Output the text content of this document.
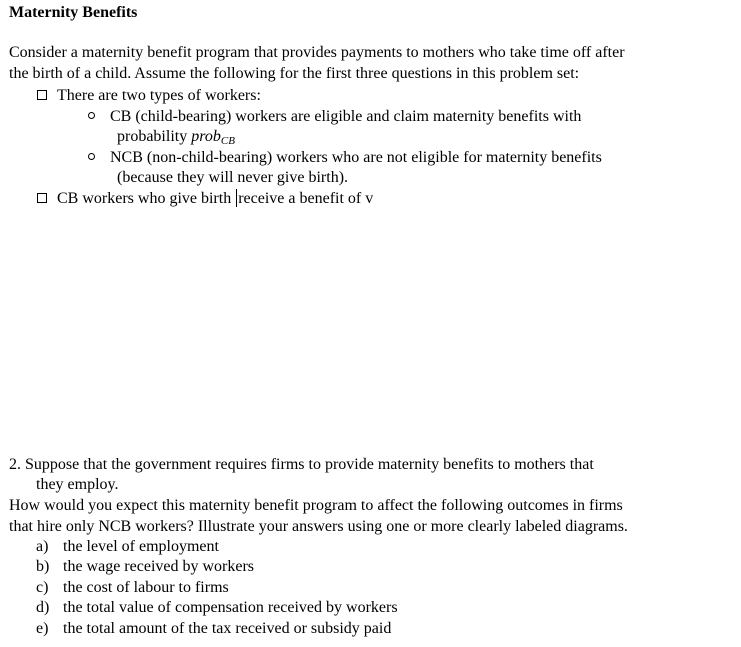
Maternity Benefits
Consider a maternity benefit program that provides payments to mothers who take time off after
the birth of a child. Assume the following for the first three questions in this problem set:
There are two types of workers:
CB (child-bearing) workers are eligible and claim maternity benefits with
probability prob$_{CB}$
NCB (non-child-bearing) workers who are not eligible for maternity benefits
(because they will never give birth).
CB workers who give birth receive a benefit of v
2. Suppose that the government requires firms to provide maternity benefits to mothers that
they employ.
How would you expect this maternity benefit program to affect the following outcomes in firms
that hire only NCB workers? Illustrate your answers using one or more clearly labeled diagrams.
a) the level of employment
b) the wage received by workers
c) the cost of labour to firms
d) the total value of compensation received by workers
e) the total amount of the tax received or subsidy paid
